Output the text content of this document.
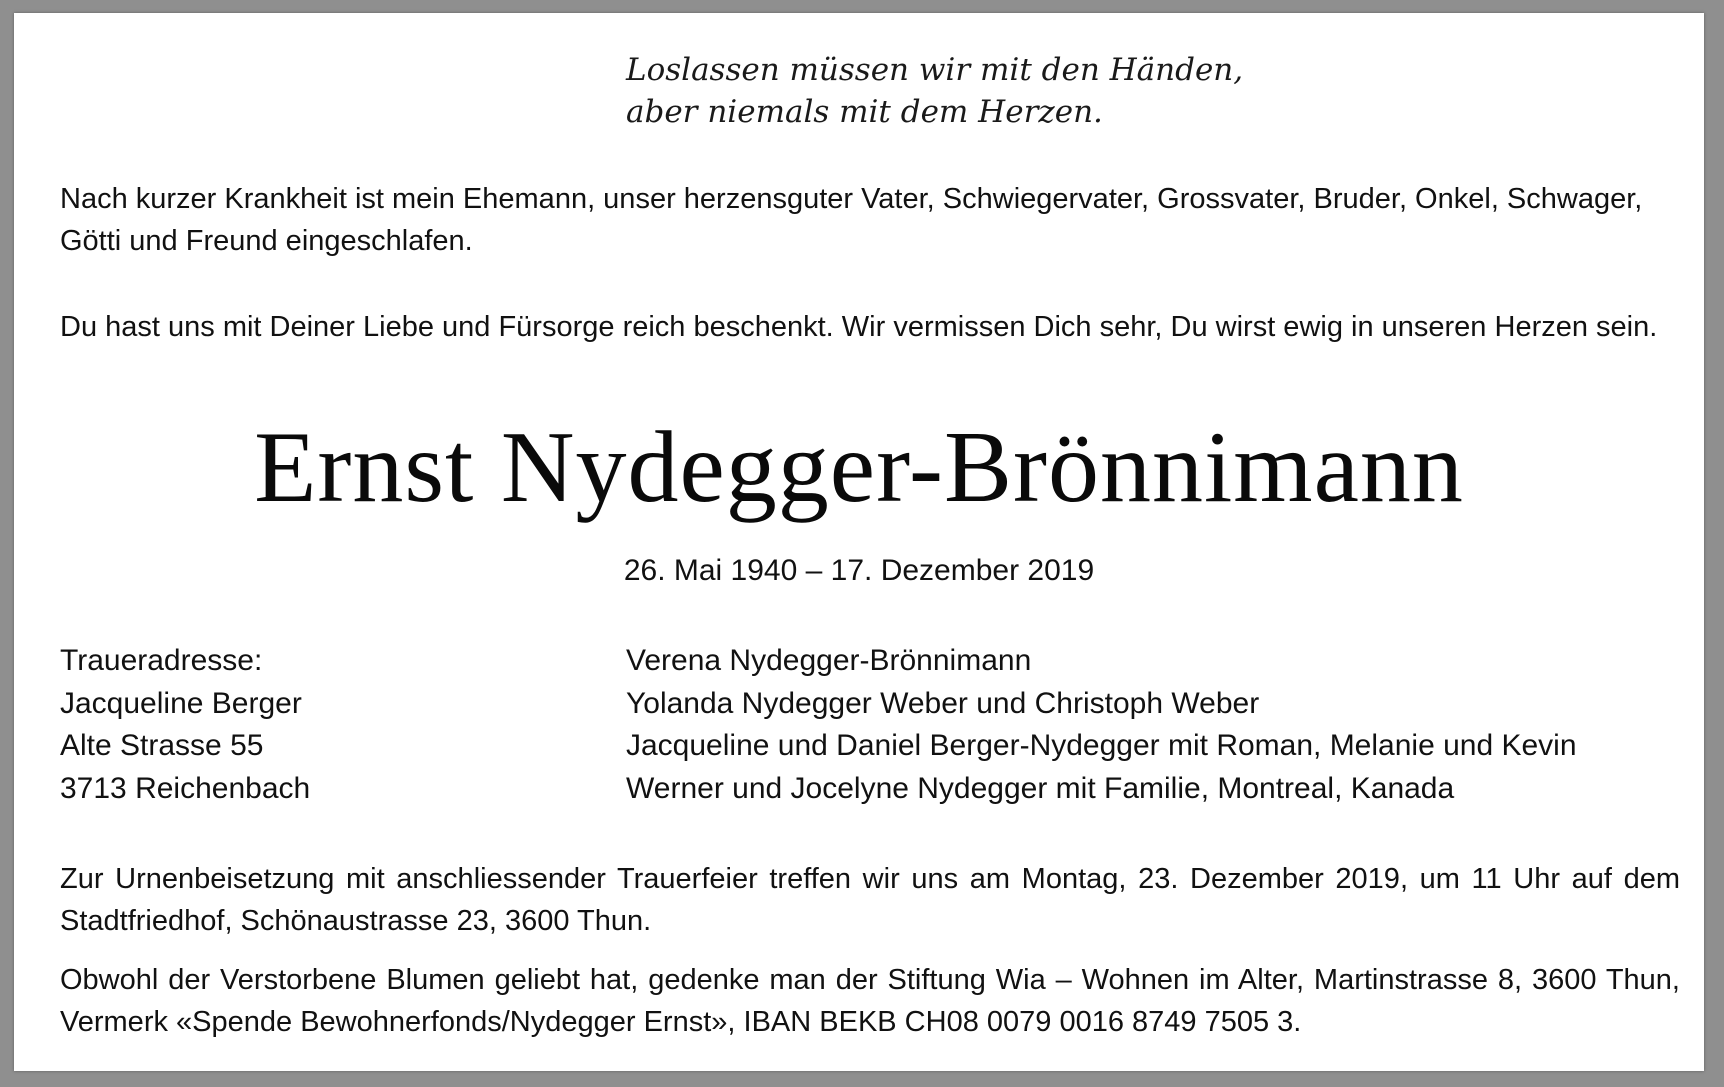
Loslassen müssen wir mit den Händen,
aber niemals mit dem Herzen.
Nach kurzer Krankheit ist mein Ehemann, unser herzensguter Vater, Schwiegervater, Grossvater, Bruder, Onkel, Schwager, Götti und Freund eingeschlafen.
Du hast uns mit Deiner Liebe und Fürsorge reich beschenkt. Wir vermissen Dich sehr, Du wirst ewig in unseren Herzen sein.
Ernst Nydegger-Brönnimann
26. Mai 1940 – 17. Dezember 2019
Traueradresse:
Jacqueline Berger
Alte Strasse 55
3713 Reichenbach
Verena Nydegger-Brönnimann
Yolanda Nydegger Weber und Christoph Weber
Jacqueline und Daniel Berger-Nydegger mit Roman, Melanie und Kevin
Werner und Jocelyne Nydegger mit Familie, Montreal, Kanada
Zur Urnenbeisetzung mit anschliessender Trauerfeier treffen wir uns am Montag, 23. Dezember 2019, um 11 Uhr auf dem Stadtfriedhof, Schönaustrasse 23, 3600 Thun.
Obwohl der Verstorbene Blumen geliebt hat, gedenke man der Stiftung Wia – Wohnen im Alter, Martinstrasse 8, 3600 Thun, Vermerk «Spende Bewohnerfonds/Nydegger Ernst», IBAN BEKB CH08 0079 0016 8749 7505 3.
